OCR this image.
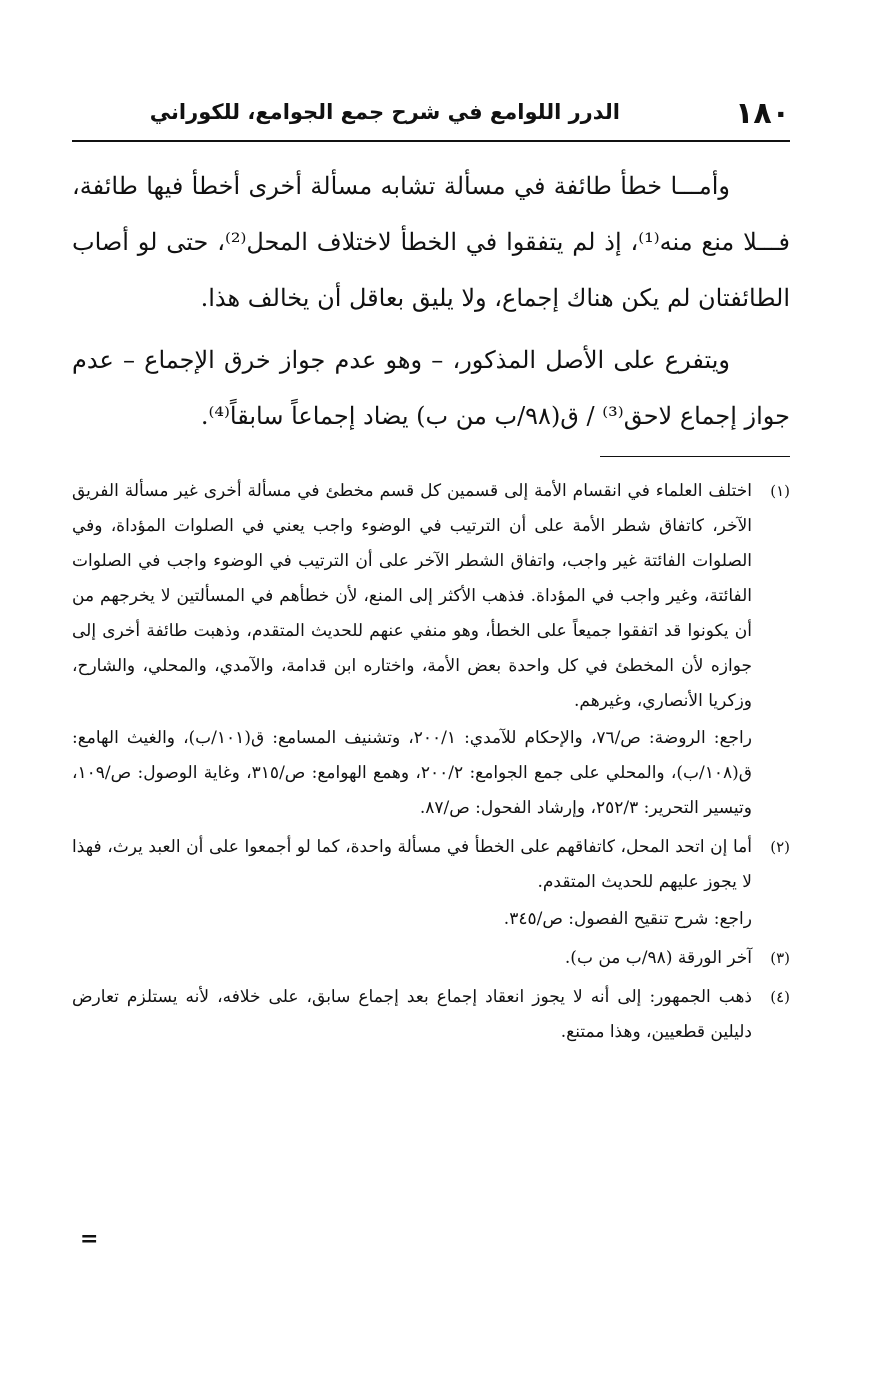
١٨٠
الدرر اللوامع في شرح جمع الجوامع، للكوراني

وأمـــا خطأ طائفة في مسألة تشابه مسألة أخرى أخطأ فيها طائفة، فـــلا منع منه⁽¹⁾، إذ لم يتفقوا في الخطأ لاختلاف المحل⁽²⁾، حتى لو أصاب الطائفتان لم يكن هناك إجماع، ولا يليق بعاقل أن يخالف هذا.

ويتفرع على الأصل المذكور، – وهو عدم جواز خرق الإجماع – عدم جواز إجماع لاحق⁽³⁾ / ق(٩٨/ب من ب) يضاد إجماعاً سابقاً⁽⁴⁾.

(١)

اختلف العلماء في انقسام الأمة إلى قسمين كل قسم مخطئ في مسألة أخرى غير مسألة الفريق الآخر، كاتفاق شطر الأمة على أن الترتيب في الوضوء واجب يعني في الصلوات المؤداة، وفي الصلوات الفائتة غير واجب، واتفاق الشطر الآخر على أن الترتيب في الوضوء واجب في الصلوات الفائتة، وغير واجب في المؤداة. فذهب الأكثر إلى المنع، لأن خطأهم في المسألتين لا يخرجهم من أن يكونوا قد اتفقوا جميعاً على الخطأ، وهو منفي عنهم للحديث المتقدم، وذهبت طائفة أخرى إلى جوازه لأن المخطئ في كل واحدة بعض الأمة، واختاره ابن قدامة، والآمدي، والمحلي، والشارح، وزكريا الأنصاري، وغيرهم.

راجع: الروضة: ص/٧٦، والإحكام للآمدي: ٢٠٠/١، وتشنيف المسامع: ق(١٠١/ب)، والغيث الهامع: ق(١٠٨/ب)، والمحلي على جمع الجوامع: ٢٠٠/٢، وهمع الهوامع: ص/٣١٥، وغاية الوصول: ص/١٠٩، وتيسير التحرير: ٢٥٢/٣، وإرشاد الفحول: ص/٨٧.

(٢)

أما إن اتحد المحل، كاتفاقهم على الخطأ في مسألة واحدة، كما لو أجمعوا على أن العبد يرث، فهذا لا يجوز عليهم للحديث المتقدم.

راجع: شرح تنقيح الفصول: ص/٣٤٥.

(٣)

آخر الورقة (٩٨/ب من ب).

(٤)

ذهب الجمهور: إلى أنه لا يجوز انعقاد إجماع بعد إجماع سابق، على خلافه، لأنه يستلزم تعارض دليلين قطعيين، وهذا ممتنع.

=
